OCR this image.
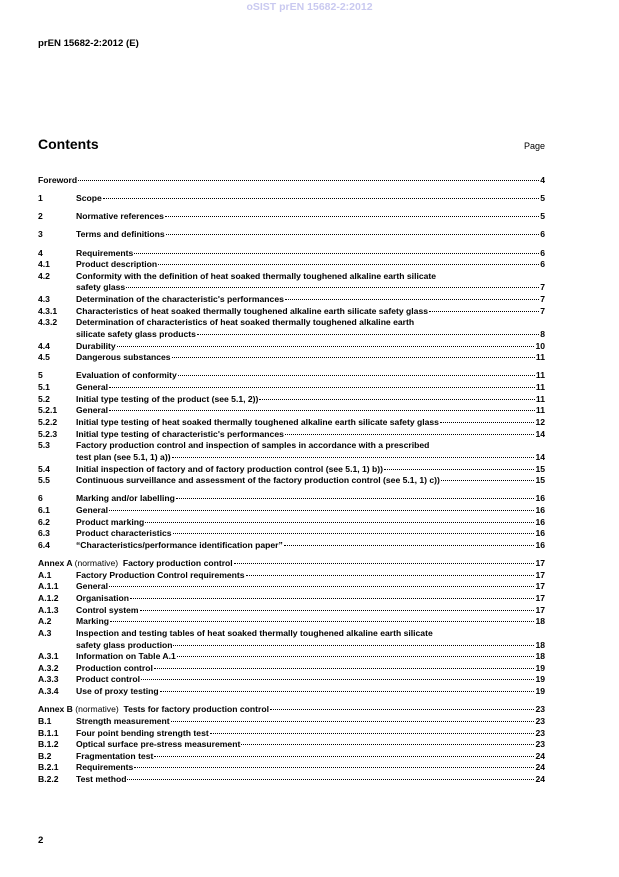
oSIST prEN 15682-2:2012
prEN 15682-2:2012 (E)
Contents	Page
Foreword	4
1	Scope	5
2	Normative references	5
3	Terms and definitions	6
4	Requirements	6
4.1	Product description	6
4.2	Conformity with the definition of heat soaked thermally toughened alkaline earth silicate
safety glass	7
4.3	Determination of the characteristic's performances	7
4.3.1	Characteristics of heat soaked thermally toughened alkaline earth silicate safety glass	7
4.3.2	Determination of characteristics of heat soaked thermally toughened alkaline earth
silicate safety glass products	8
4.4	Durability	10
4.5	Dangerous substances	11
5	Evaluation of conformity	11
5.1	General	11
5.2	Initial type testing of the product (see 5.1, 2))	11
5.2.1	General	11
5.2.2	Initial type testing of heat soaked thermally toughened alkaline earth silicate safety glass	12
5.2.3	Initial type testing of characteristic's performances	14
5.3	Factory production control and inspection of samples in accordance with a prescribed
test plan (see 5.1, 1) a))	14
5.4	Initial inspection of factory and of factory production control (see 5.1, 1) b))	15
5.5	Continuous surveillance and assessment of the factory production control (see 5.1, 1) c))	15
6	Marking and/or labelling	16
6.1	General	16
6.2	Product marking	16
6.3	Product characteristics	16
6.4	“Characteristics/performance identification paper”	16
Annex A (normative) Factory production control	17
A.1	Factory Production Control requirements	17
A.1.1	General	17
A.1.2	Organisation	17
A.1.3	Control system	17
A.2	Marking	18
A.3	Inspection and testing tables of heat soaked thermally toughened alkaline earth silicate
safety glass production	18
A.3.1	Information on Table A.1	18
A.3.2	Production control	19
A.3.3	Product control	19
A.3.4	Use of proxy testing	19
Annex B (normative) Tests for factory production control	23
B.1	Strength measurement	23
B.1.1	Four point bending strength test	23
B.1.2	Optical surface pre-stress measurement	23
B.2	Fragmentation test	24
B.2.1	Requirements	24
B.2.2	Test method	24
2
